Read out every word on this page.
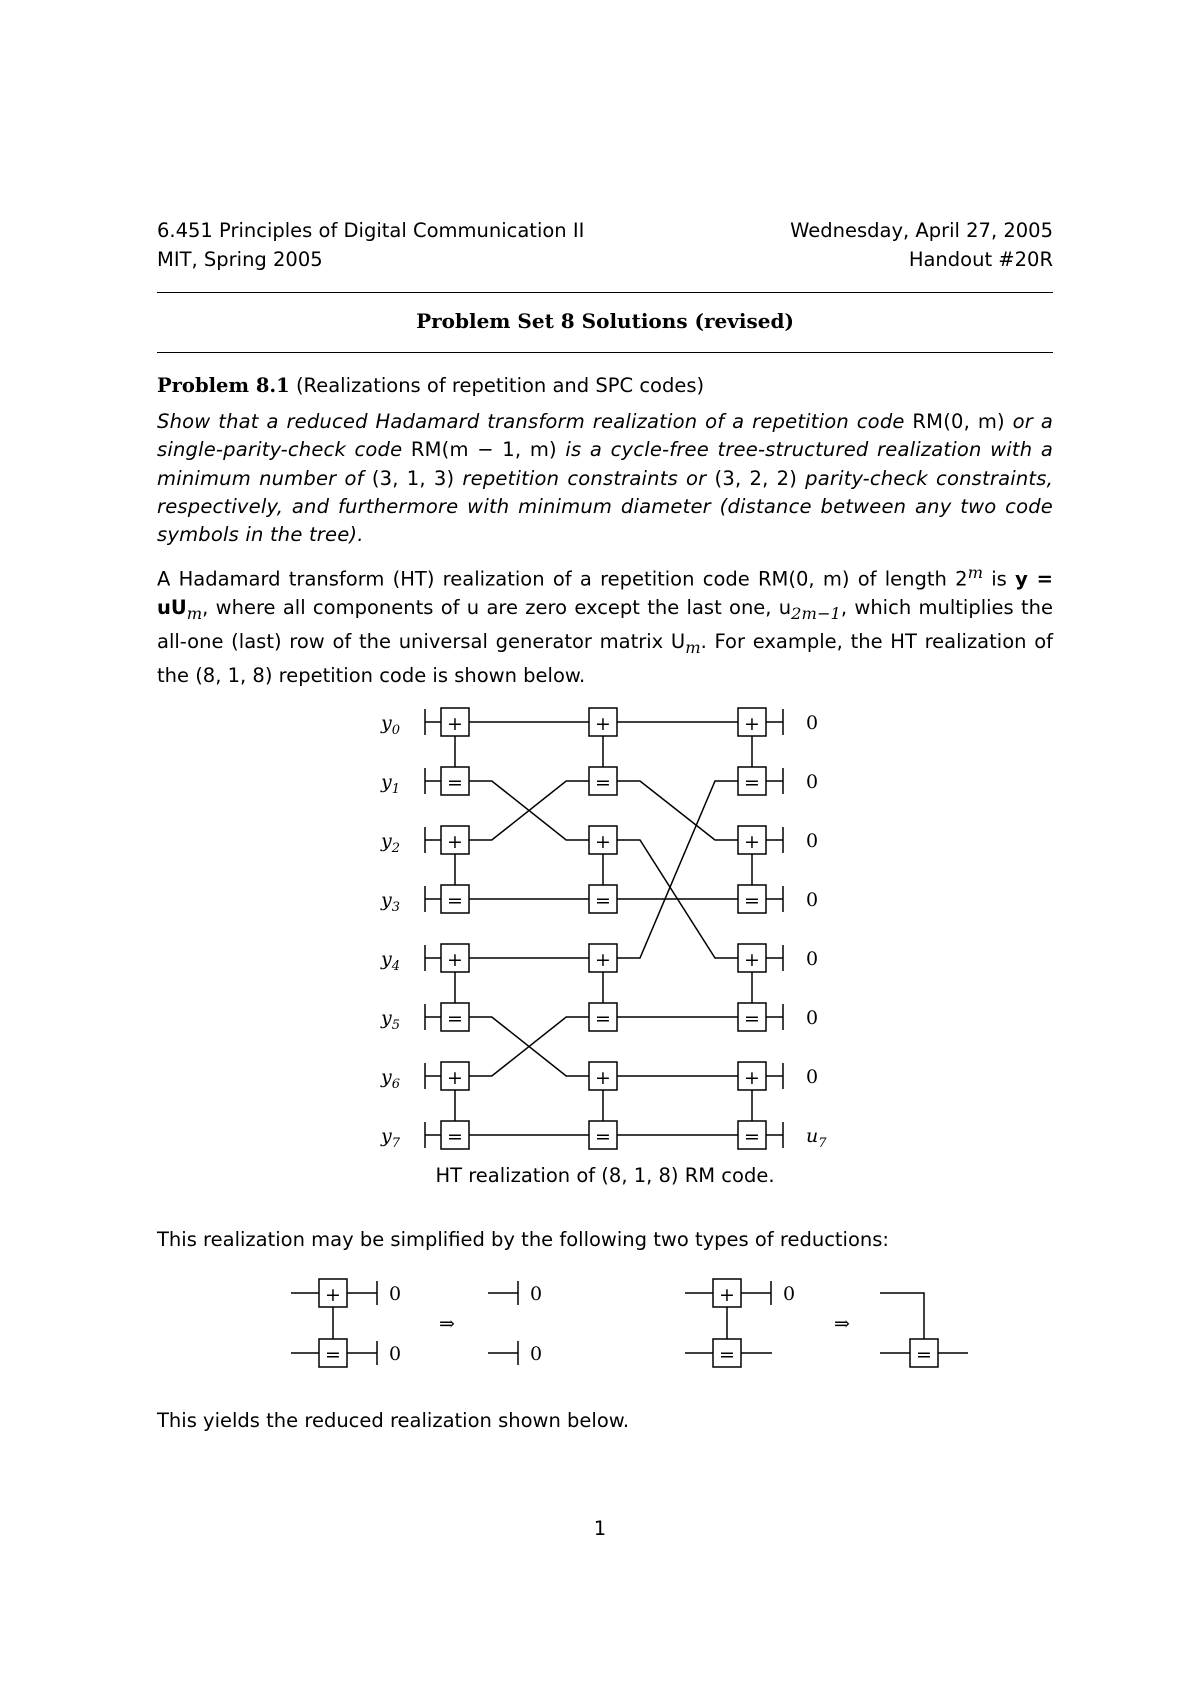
6.451 Principles of Digital Communication II	Wednesday, April 27, 2005
MIT, Spring 2005	Handout #20R
Problem Set 8 Solutions (revised)
Problem 8.1 (Realizations of repetition and SPC codes)
Show that a reduced Hadamard transform realization of a repetition code RM(0, m) or a single-parity-check code RM(m − 1, m) is a cycle-free tree-structured realization with a minimum number of (3, 1, 3) repetition constraints or (3, 2, 2) parity-check constraints, respectively, and furthermore with minimum diameter (distance between any two code symbols in the tree).
A Hadamard transform (HT) realization of a repetition code RM(0, m) of length 2$^m$ is $y = uU_m$, where all components of u are zero except the last one, $u_{2m-1}$, which multiplies the all-one (last) row of the universal generator matrix $U_m$. For example, the HT realization of the (8, 1, 8) repetition code is shown below.
$y_0$	0
$y_1$	0
$y_2$	0
$y_3$	0
$y_4$	0
$y_5$	0
$y_6$	0
$y_7$	$u_7$
+
=
+
=
+
=
+
=
+
=
+
=
+
=
+
=
+
=
+
=
+
=
+
=
+
=
0
0
⇒
0
0
0
+
=
⇒
=
HT realization of (8, 1, 8) RM code.
This realization may be simplified by the following two types of reductions:
This yields the reduced realization shown below.
1
